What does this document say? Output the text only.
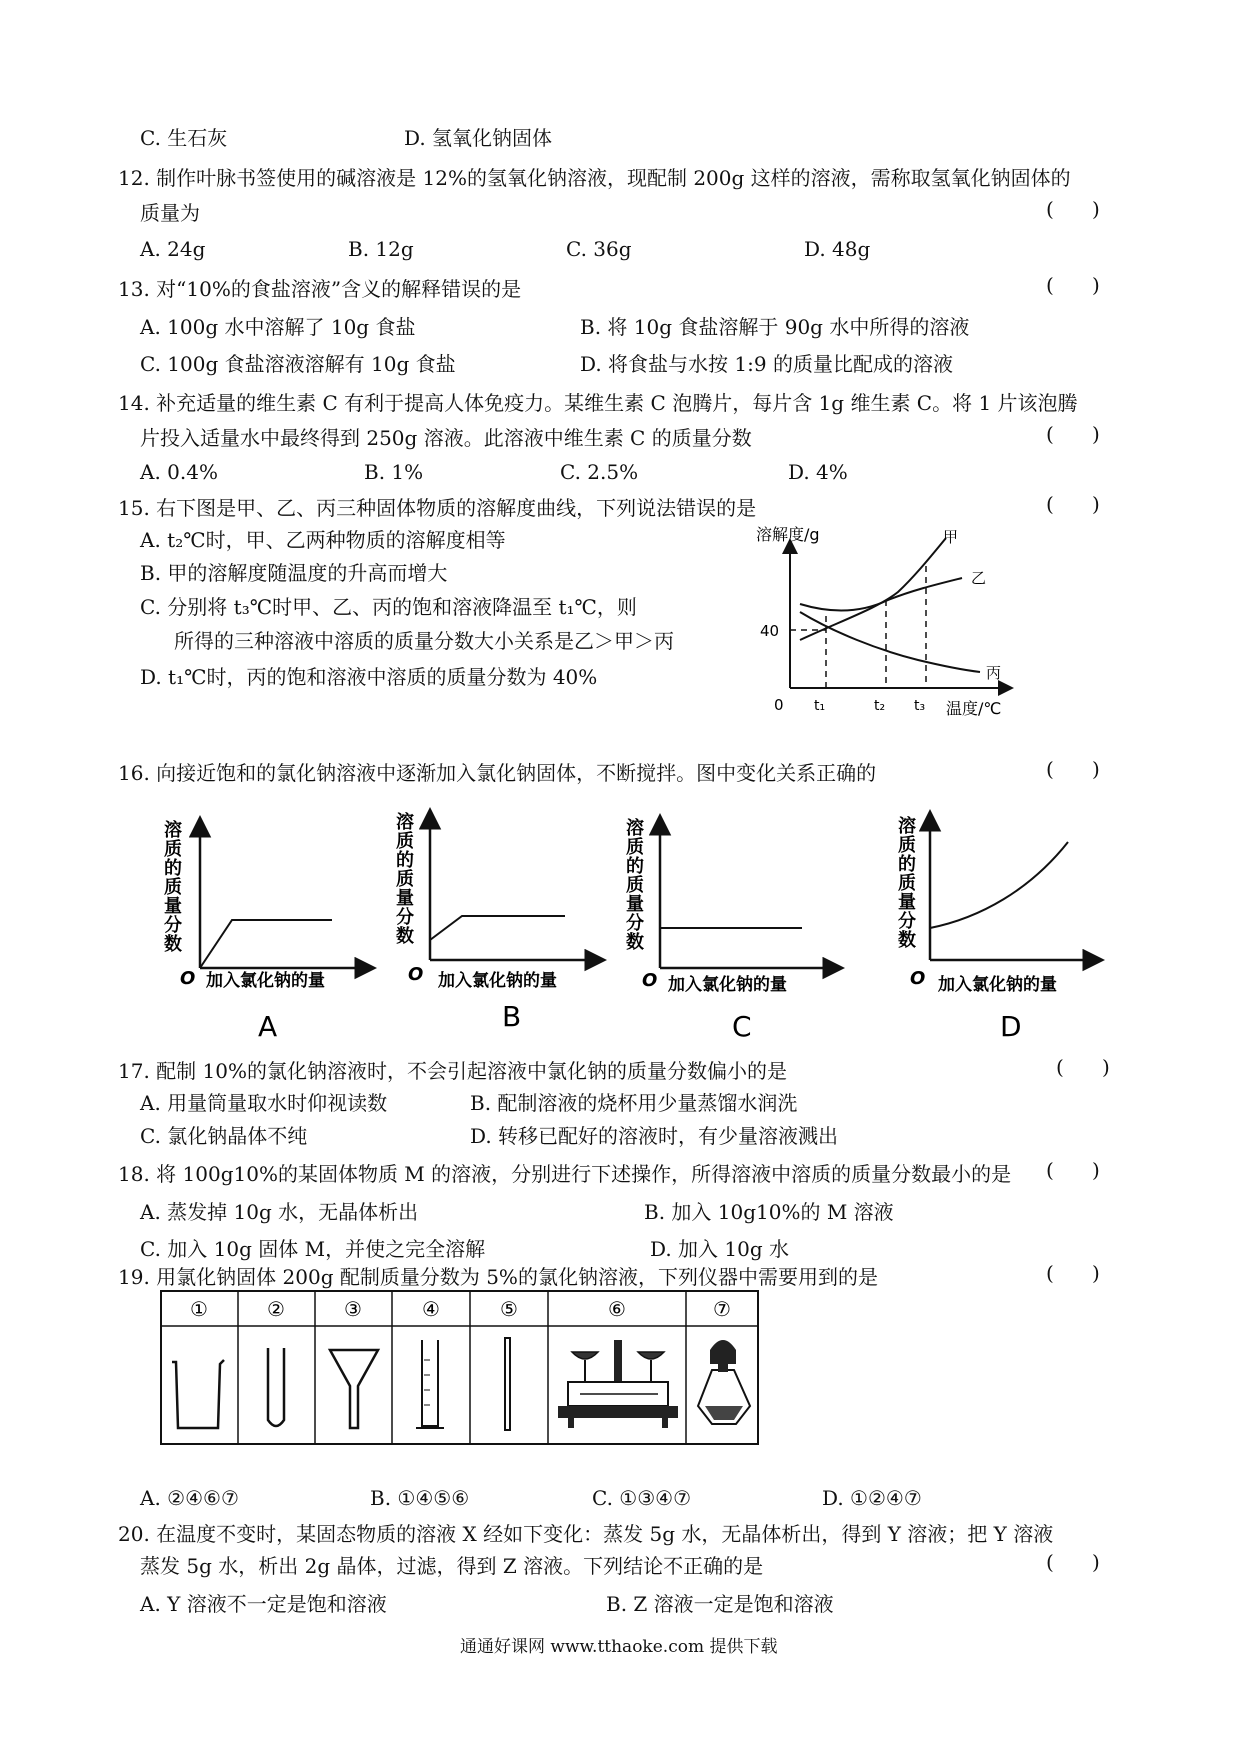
C. 生石灰	D. 氢氧化钠固体
12. 制作叶脉书签使用的碱溶液是 12%的氢氧化钠溶液，现配制 200g 这样的溶液，需称取氢氧化钠固体的
质量为	(      )
A. 24g	B. 12g	C. 36g	D. 48g
13. 对“10%的食盐溶液”含义的解释错误的是	(      )
A. 100g 水中溶解了 10g 食盐	B. 将 10g 食盐溶解于 90g 水中所得的溶液
C. 100g 食盐溶液溶解有 10g 食盐	D. 将食盐与水按 1:9 的质量比配成的溶液
14. 补充适量的维生素 C 有利于提高人体免疫力。某维生素 C 泡腾片，每片含 1g 维生素 C。将 1 片该泡腾
片投入适量水中最终得到 250g 溶液。此溶液中维生素 C 的质量分数	(      )
A. 0.4%	B. 1%	C. 2.5%	D. 4%
15. 右下图是甲、乙、丙三种固体物质的溶解度曲线，下列说法错误的是	(      )
A. t₂℃时，甲、乙两种物质的溶解度相等
B. 甲的溶解度随温度的升高而增大
C. 分别将 t₃℃时甲、乙、丙的饱和溶液降温至 t₁℃，则
所得的三种溶液中溶质的质量分数大小关系是乙＞甲＞丙
D. t₁℃时，丙的饱和溶液中溶质的质量分数为 40%
溶解度/g
温度/℃
0
40
t₁	t₂ t₃
甲
乙
丙
16. 向接近饱和的氯化钠溶液中逐渐加入氯化钠固体，不断搅拌。图中变化关系正确的	(      )
溶质的质量分数
O 加入氯化钠的量
A
溶质的质量分数
O 加入氯化钠的量
B
溶质的质量分数
O 加入氯化钠的量
C
溶质的质量分数
O 加入氯化钠的量
D
17. 配制 10%的氯化钠溶液时，不会引起溶液中氯化钠的质量分数偏小的是	(      )
A. 用量筒量取水时仰视读数	B. 配制溶液的烧杯用少量蒸馏水润洗
C. 氯化钠晶体不纯	D. 转移已配好的溶液时，有少量溶液溅出
18. 将 100g10%的某固体物质 M 的溶液，分别进行下述操作，所得溶液中溶质的质量分数最小的是 (      )
A. 蒸发掉 10g 水，无晶体析出	B. 加入 10g10%的 M 溶液
C. 加入 10g 固体 M，并使之完全溶解	D. 加入 10g 水
19. 用氯化钠固体 200g 配制质量分数为 5%的氯化钠溶液，下列仪器中需要用到的是	(      )
①	②	③	④	⑤	⑥	⑦
A. ②④⑥⑦	B. ①④⑤⑥	C. ①③④⑦	D. ①②④⑦
20. 在温度不变时，某固态物质的溶液 X 经如下变化：蒸发 5g 水，无晶体析出，得到 Y 溶液；把 Y 溶液
蒸发 5g 水，析出 2g 晶体，过滤，得到 Z 溶液。下列结论不正确的是	(      )
A. Y 溶液不一定是饱和溶液	B. Z 溶液一定是饱和溶液
通通好课网 www.tthaoke.com 提供下载
